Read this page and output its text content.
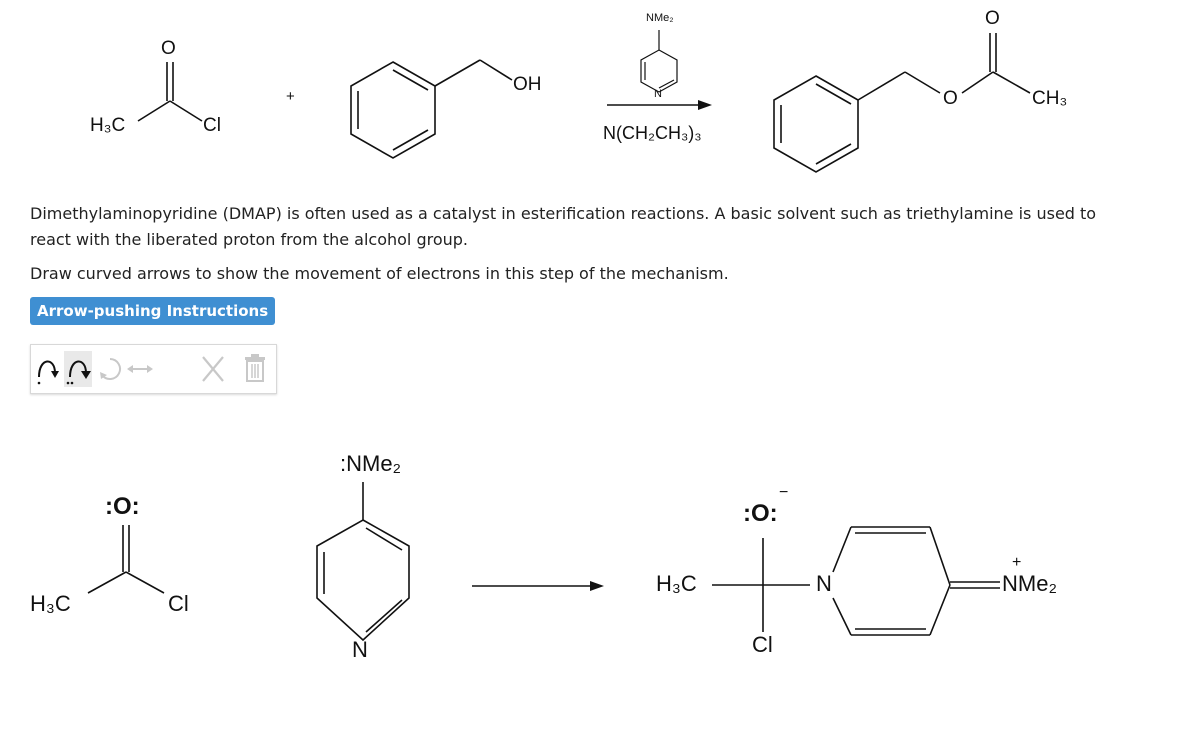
H₃C
O
Cl
+
OH
NMe₂
N
N(CH₂CH₃)₃
O
O	CH₃
Dimethylaminopyridine (DMAP) is often used as a catalyst in esterification reactions. A basic solvent such as triethylamine is used to
react with the liberated proton from the alcohol group.
Draw curved arrows to show the movement of electrons in this step of the mechanism.
Arrow-pushing Instructions
:O:
H₃C	Cl
:NMe₂
N
H₃C
:O:
−
Cl
N
+
NMe₂
